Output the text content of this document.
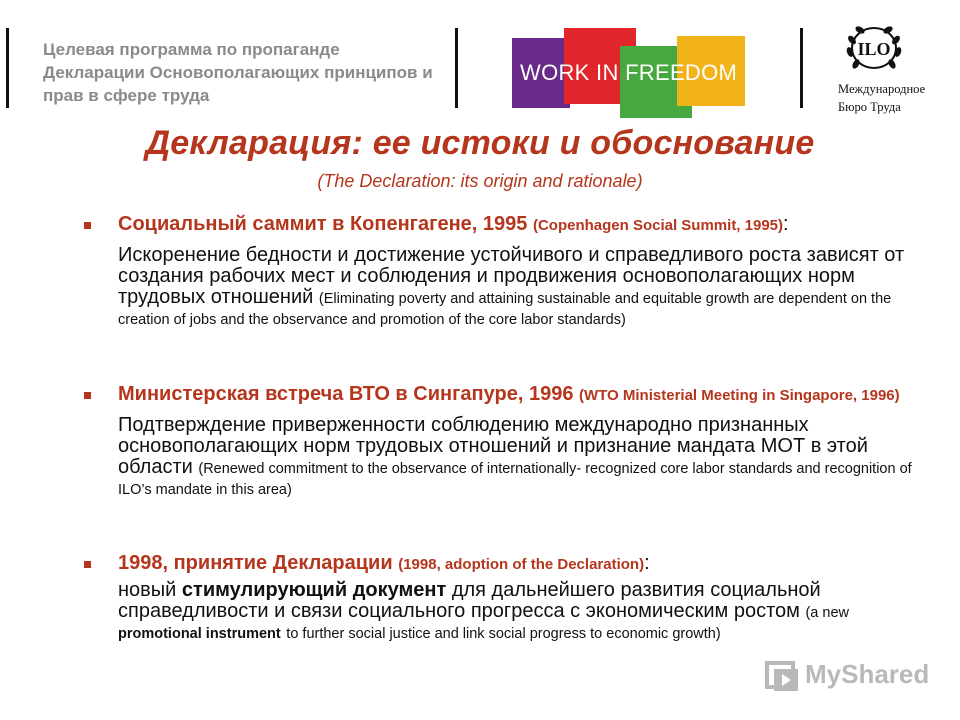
Целевая программа по пропаганде Декларации Основополагающих принципов и прав в сфере труда
WORK IN FREEDOM
ILO
Международное
Бюро Труда
Декларация: ее истоки и обоснование
(The Declaration: its origin and rationale)
Социальный саммит в Копенгагене, 1995 (Copenhagen Social Summit, 1995):
Искоренение бедности и достижение устойчивого и справедливого роста зависят от создания рабочих мест и соблюдения и продвижения основополагающих норм трудовых отношений (Eliminating poverty and attaining sustainable and equitable growth are dependent on the creation of jobs and the observance and promotion of the core labor standards)
Министерская встреча ВТО в Сингапуре, 1996 (WTO Ministerial Meeting in Singapore, 1996)
Подтверждение приверженности соблюдению международно признанных основополагающих норм трудовых отношений и признание мандата МОТ в этой области (Renewed commitment to the observance of internationally- recognized core labor standards and recognition of ILO’s mandate in this area)
1998, принятие Декларации (1998, adoption of the Declaration):
новый стимулирующий документ для дальнейшего развития социальной справедливости и связи социального прогресса с экономическим ростом (a new promotional instrument to further social justice and link social progress to economic growth)
MyShared
